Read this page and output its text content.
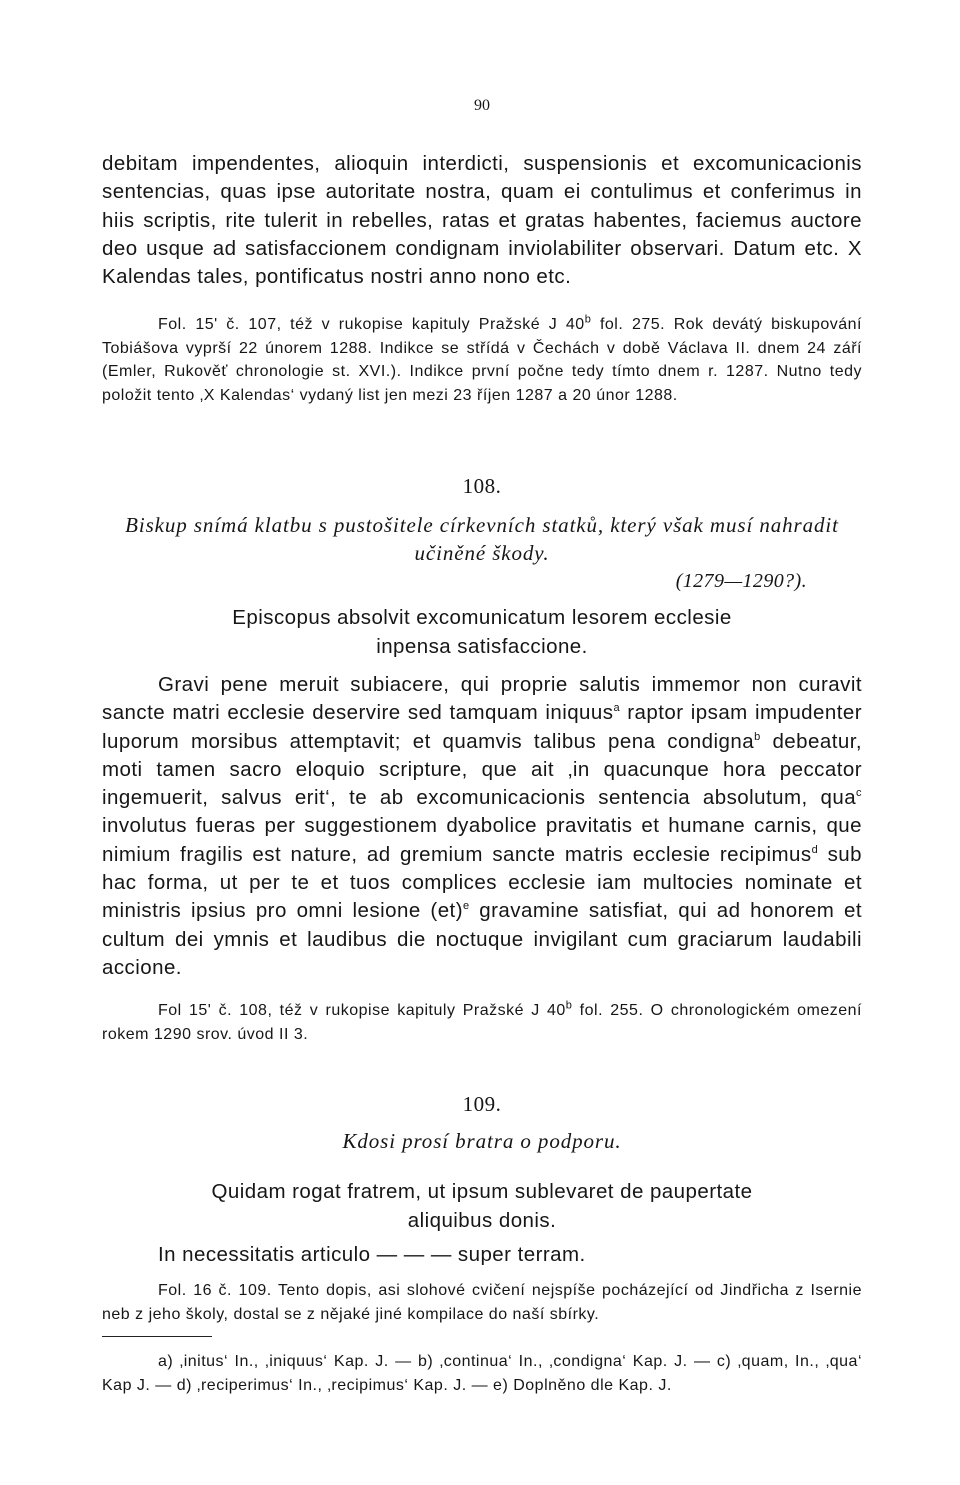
90

debitam impendentes, alioquin interdicti, suspensionis et excomunicacionis sentencias, quas ipse autoritate nostra, quam ei contulimus et conferimus in hiis scriptis, rite tulerit in rebelles, ratas et gratas habentes, faciemus auctore deo usque ad satisfaccionem condignam inviolabiliter observari. Datum etc. X Kalendas tales, pontificatus nostri anno nono etc.

Fol. 15' č. 107, též v rukopise kapituly Pražské J 40$^b$ fol. 275. Rok devátý biskupování Tobiášova vyprší 22 únorem 1288. Indikce se střídá v Čechách v době Václava II. dnem 24 září (Emler, Rukověť chronologie st. XVI.). Indikce první počne tedy tímto dnem r. 1287. Nutno tedy položit tento ‚X Kalendas‘ vydaný list jen mezi 23 říjen 1287 a 20 únor 1288.

108.

Biskup snímá klatbu s pustošitele církevních statků, který však musí nahradit učiněné škody.

(1279—1290?).

Episcopus absolvit excomunicatum lesorem ecclesie

inpensa satisfaccione.

Gravi pene meruit subiacere, qui proprie salutis immemor non curavit sancte matri ecclesie deservire sed tamquam iniquus$^a$ raptor ipsam impudenter luporum morsibus attemptavit; et quamvis talibus pena condigna$^b$ debeatur, moti tamen sacro eloquio scripture, que ait ‚in quacunque hora peccator ingemuerit, salvus erit‘, te ab excomunicacionis sentencia absolutum, qua$^c$ involutus fueras per suggestionem dyabolice pravitatis et humane carnis, que nimium fragilis est nature, ad gremium sancte matris ecclesie recipimus$^d$ sub hac forma, ut per te et tuos complices ecclesie iam multocies nominate et ministris ipsius pro omni lesione (et)$^e$ gravamine satisfiat, qui ad honorem et cultum dei ymnis et laudibus die noctuque invigilant cum graciarum laudabili accione.

Fol 15' č. 108, též v rukopise kapituly Pražské J 40$^b$ fol. 255. O chronologickém omezení rokem 1290 srov. úvod II 3.

109.

Kdosi prosí bratra o podporu.

Quidam rogat fratrem, ut ipsum sublevaret de paupertate

aliquibus donis.

In necessitatis articulo — — — super terram.

Fol. 16 č. 109. Tento dopis, asi slohové cvičení nejspíše pocházející od Jindřicha z Isernie neb z jeho školy, dostal se z nějaké jiné kompilace do naší sbírky.

a) ‚initus‘ In., ‚iniquus‘ Kap. J. — b) ‚continua‘ In., ‚condigna‘ Kap. J. — c) ‚quam, In., ‚qua‘ Kap J. — d) ‚reciperimus‘ In., ‚recipimus‘ Kap. J. — e) Doplněno dle Kap. J.
